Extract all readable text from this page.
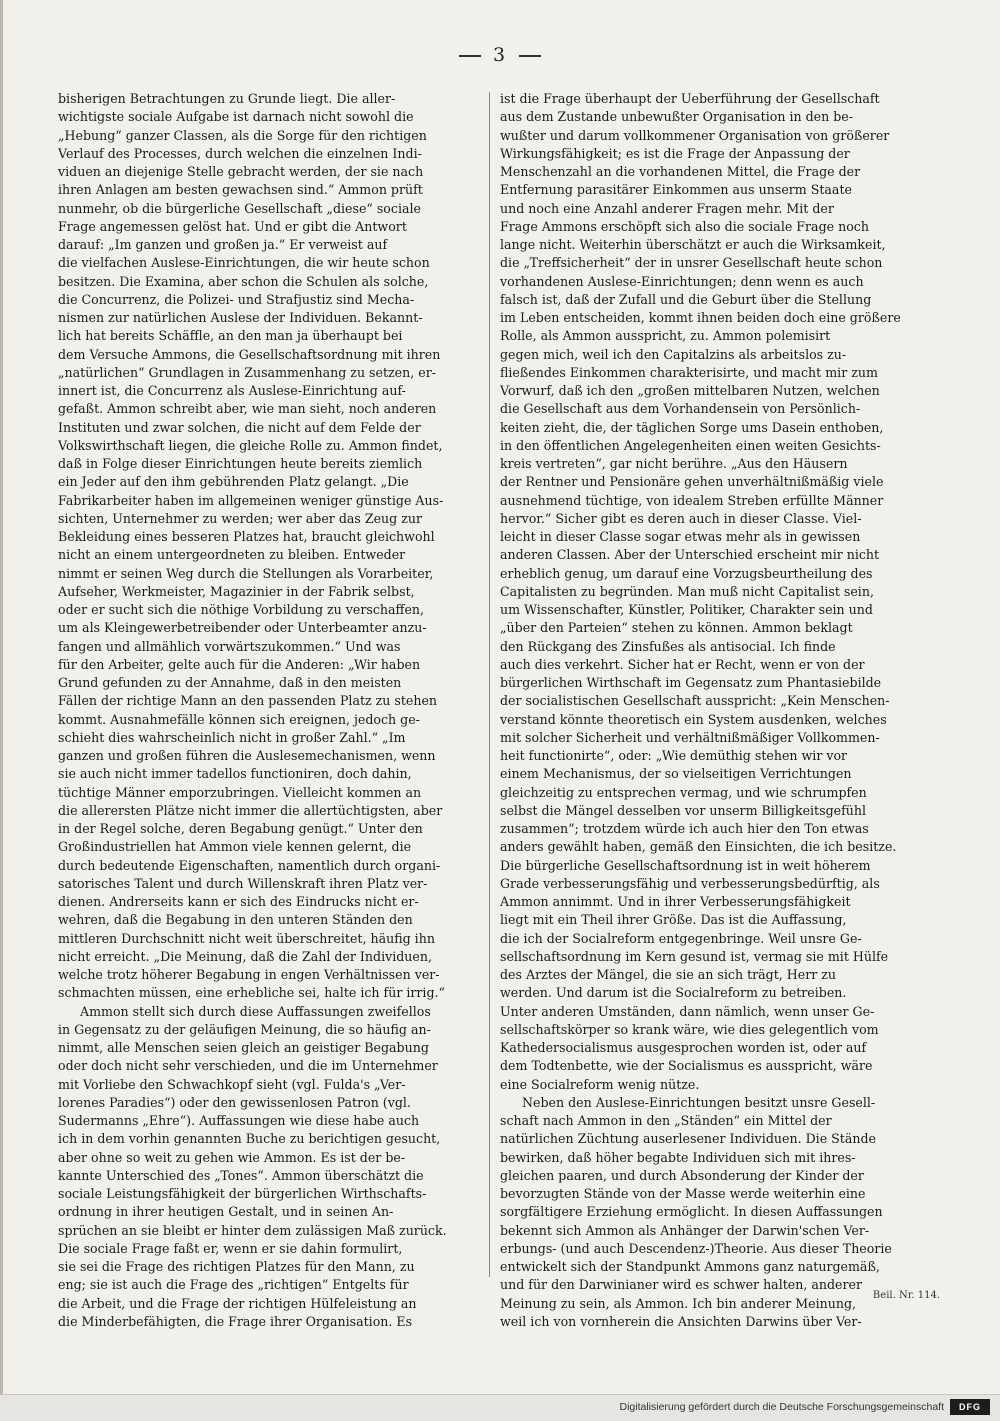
3
bisherigen Betrachtungen zu Grunde liegt. Die aller-
wichtigste sociale Aufgabe ist darnach nicht sowohl die
„Hebung“ ganzer Classen, als die Sorge für den richtigen
Verlauf des Processes, durch welchen die einzelnen Indi-
viduen an diejenige Stelle gebracht werden, der sie nach
ihren Anlagen am besten gewachsen sind.“ Ammon prüft
nunmehr, ob die bürgerliche Gesellschaft „diese“ sociale
Frage angemessen gelöst hat. Und er gibt die Antwort
darauf: „Im ganzen und großen ja.“ Er verweist auf
die vielfachen Auslese-Einrichtungen, die wir heute schon
besitzen. Die Examina, aber schon die Schulen als solche,
die Concurrenz, die Polizei- und Strafjustiz sind Mecha-
nismen zur natürlichen Auslese der Individuen. Bekannt-
lich hat bereits Schäffle, an den man ja überhaupt bei
dem Versuche Ammons, die Gesellschaftsordnung mit ihren
„natürlichen“ Grundlagen in Zusammenhang zu setzen, er-
innert ist, die Concurrenz als Auslese-Einrichtung auf-
gefaßt. Ammon schreibt aber, wie man sieht, noch anderen
Instituten und zwar solchen, die nicht auf dem Felde der
Volkswirthschaft liegen, die gleiche Rolle zu. Ammon findet,
daß in Folge dieser Einrichtungen heute bereits ziemlich
ein Jeder auf den ihm gebührenden Platz gelangt. „Die
Fabrikarbeiter haben im allgemeinen weniger günstige Aus-
sichten, Unternehmer zu werden; wer aber das Zeug zur
Bekleidung eines besseren Platzes hat, braucht gleichwohl
nicht an einem untergeordneten zu bleiben. Entweder
nimmt er seinen Weg durch die Stellungen als Vorarbeiter,
Aufseher, Werkmeister, Magazinier in der Fabrik selbst,
oder er sucht sich die nöthige Vorbildung zu verschaffen,
um als Kleingewerbetreibender oder Unterbeamter anzu-
fangen und allmählich vorwärtszukommen.“ Und was
für den Arbeiter, gelte auch für die Anderen: „Wir haben
Grund gefunden zu der Annahme, daß in den meisten
Fällen der richtige Mann an den passenden Platz zu stehen
kommt. Ausnahmefälle können sich ereignen, jedoch ge-
schieht dies wahrscheinlich nicht in großer Zahl.“ „Im
ganzen und großen führen die Auslesemechanismen, wenn
sie auch nicht immer tadellos functioniren, doch dahin,
tüchtige Männer emporzubringen. Vielleicht kommen an
die allerersten Plätze nicht immer die allertüchtigsten, aber
in der Regel solche, deren Begabung genügt.“ Unter den
Großindustriellen hat Ammon viele kennen gelernt, die
durch bedeutende Eigenschaften, namentlich durch organi-
satorisches Talent und durch Willenskraft ihren Platz ver-
dienen. Andrerseits kann er sich des Eindrucks nicht er-
wehren, daß die Begabung in den unteren Ständen den
mittleren Durchschnitt nicht weit überschreitet, häufig ihn
nicht erreicht. „Die Meinung, daß die Zahl der Individuen,
welche trotz höherer Begabung in engen Verhältnissen ver-
schmachten müssen, eine erhebliche sei, halte ich für irrig.“
Ammon stellt sich durch diese Auffassungen zweifellos
in Gegensatz zu der geläufigen Meinung, die so häufig an-
nimmt, alle Menschen seien gleich an geistiger Begabung
oder doch nicht sehr verschieden, und die im Unternehmer
mit Vorliebe den Schwachkopf sieht (vgl. Fulda's „Ver-
lorenes Paradies“) oder den gewissenlosen Patron (vgl.
Sudermanns „Ehre“). Auffassungen wie diese habe auch
ich in dem vorhin genannten Buche zu berichtigen gesucht,
aber ohne so weit zu gehen wie Ammon. Es ist der be-
kannte Unterschied des „Tones“. Ammon überschätzt die
sociale Leistungsfähigkeit der bürgerlichen Wirthschafts-
ordnung in ihrer heutigen Gestalt, und in seinen An-
sprüchen an sie bleibt er hinter dem zulässigen Maß zurück.
Die sociale Frage faßt er, wenn er sie dahin formulirt,
sie sei die Frage des richtigen Platzes für den Mann, zu
eng; sie ist auch die Frage des „richtigen“ Entgelts für
die Arbeit, und die Frage der richtigen Hülfeleistung an
die Minderbefähigten, die Frage ihrer Organisation. Es
ist die Frage überhaupt der Ueberführung der Gesellschaft
aus dem Zustande unbewußter Organisation in den be-
wußter und darum vollkommener Organisation von größerer
Wirkungsfähigkeit; es ist die Frage der Anpassung der
Menschenzahl an die vorhandenen Mittel, die Frage der
Entfernung parasitärer Einkommen aus unserm Staate
und noch eine Anzahl anderer Fragen mehr. Mit der
Frage Ammons erschöpft sich also die sociale Frage noch
lange nicht. Weiterhin überschätzt er auch die Wirksamkeit,
die „Treffsicherheit“ der in unsrer Gesellschaft heute schon
vorhandenen Auslese-Einrichtungen; denn wenn es auch
falsch ist, daß der Zufall und die Geburt über die Stellung
im Leben entscheiden, kommt ihnen beiden doch eine größere
Rolle, als Ammon ausspricht, zu. Ammon polemisirt
gegen mich, weil ich den Capitalzins als arbeitslos zu-
fließendes Einkommen charakterisirte, und macht mir zum
Vorwurf, daß ich den „großen mittelbaren Nutzen, welchen
die Gesellschaft aus dem Vorhandensein von Persönlich-
keiten zieht, die, der täglichen Sorge ums Dasein enthoben,
in den öffentlichen Angelegenheiten einen weiten Gesichts-
kreis vertreten“, gar nicht berühre. „Aus den Häusern
der Rentner und Pensionäre gehen unverhältnißmäßig viele
ausnehmend tüchtige, von idealem Streben erfüllte Männer
hervor.“ Sicher gibt es deren auch in dieser Classe. Viel-
leicht in dieser Classe sogar etwas mehr als in gewissen
anderen Classen. Aber der Unterschied erscheint mir nicht
erheblich genug, um darauf eine Vorzugsbeurtheilung des
Capitalisten zu begründen. Man muß nicht Capitalist sein,
um Wissenschafter, Künstler, Politiker, Charakter sein und
„über den Parteien“ stehen zu können. Ammon beklagt
den Rückgang des Zinsfußes als antisocial. Ich finde
auch dies verkehrt. Sicher hat er Recht, wenn er von der
bürgerlichen Wirthschaft im Gegensatz zum Phantasiebilde
der socialistischen Gesellschaft ausspricht: „Kein Menschen-
verstand könnte theoretisch ein System ausdenken, welches
mit solcher Sicherheit und verhältnißmäßiger Vollkommen-
heit functionirte“, oder: „Wie demüthig stehen wir vor
einem Mechanismus, der so vielseitigen Verrichtungen
gleichzeitig zu entsprechen vermag, und wie schrumpfen
selbst die Mängel desselben vor unserm Billigkeitsgefühl
zusammen“; trotzdem würde ich auch hier den Ton etwas
anders gewählt haben, gemäß den Einsichten, die ich besitze.
Die bürgerliche Gesellschaftsordnung ist in weit höherem
Grade verbesserungsfähig und verbesserungsbedürftig, als
Ammon annimmt. Und in ihrer Verbesserungsfähigkeit
liegt mit ein Theil ihrer Größe. Das ist die Auffassung,
die ich der Socialreform entgegenbringe. Weil unsre Ge-
sellschaftsordnung im Kern gesund ist, vermag sie mit Hülfe
des Arztes der Mängel, die sie an sich trägt, Herr zu
werden. Und darum ist die Socialreform zu betreiben.
Unter anderen Umständen, dann nämlich, wenn unser Ge-
sellschaftskörper so krank wäre, wie dies gelegentlich vom
Kathedersocialismus ausgesprochen worden ist, oder auf
dem Todtenbette, wie der Socialismus es ausspricht, wäre
eine Socialreform wenig nütze.
Neben den Auslese-Einrichtungen besitzt unsre Gesell-
schaft nach Ammon in den „Ständen“ ein Mittel der
natürlichen Züchtung auserlesener Individuen. Die Stände
bewirken, daß höher begabte Individuen sich mit ihres-
gleichen paaren, und durch Absonderung der Kinder der
bevorzugten Stände von der Masse werde weiterhin eine
sorgfältigere Erziehung ermöglicht. In diesen Auffassungen
bekennt sich Ammon als Anhänger der Darwin'schen Ver-
erbungs- (und auch Descendenz-)Theorie. Aus dieser Theorie
entwickelt sich der Standpunkt Ammons ganz naturgemäß,
und für den Darwinianer wird es schwer halten, anderer
Meinung zu sein, als Ammon. Ich bin anderer Meinung,
weil ich von vornherein die Ansichten Darwins über Ver-
Beil. Nr. 114.
Digitalisierung gefördert durch die Deutsche Forschungsgemeinschaft	DFG
